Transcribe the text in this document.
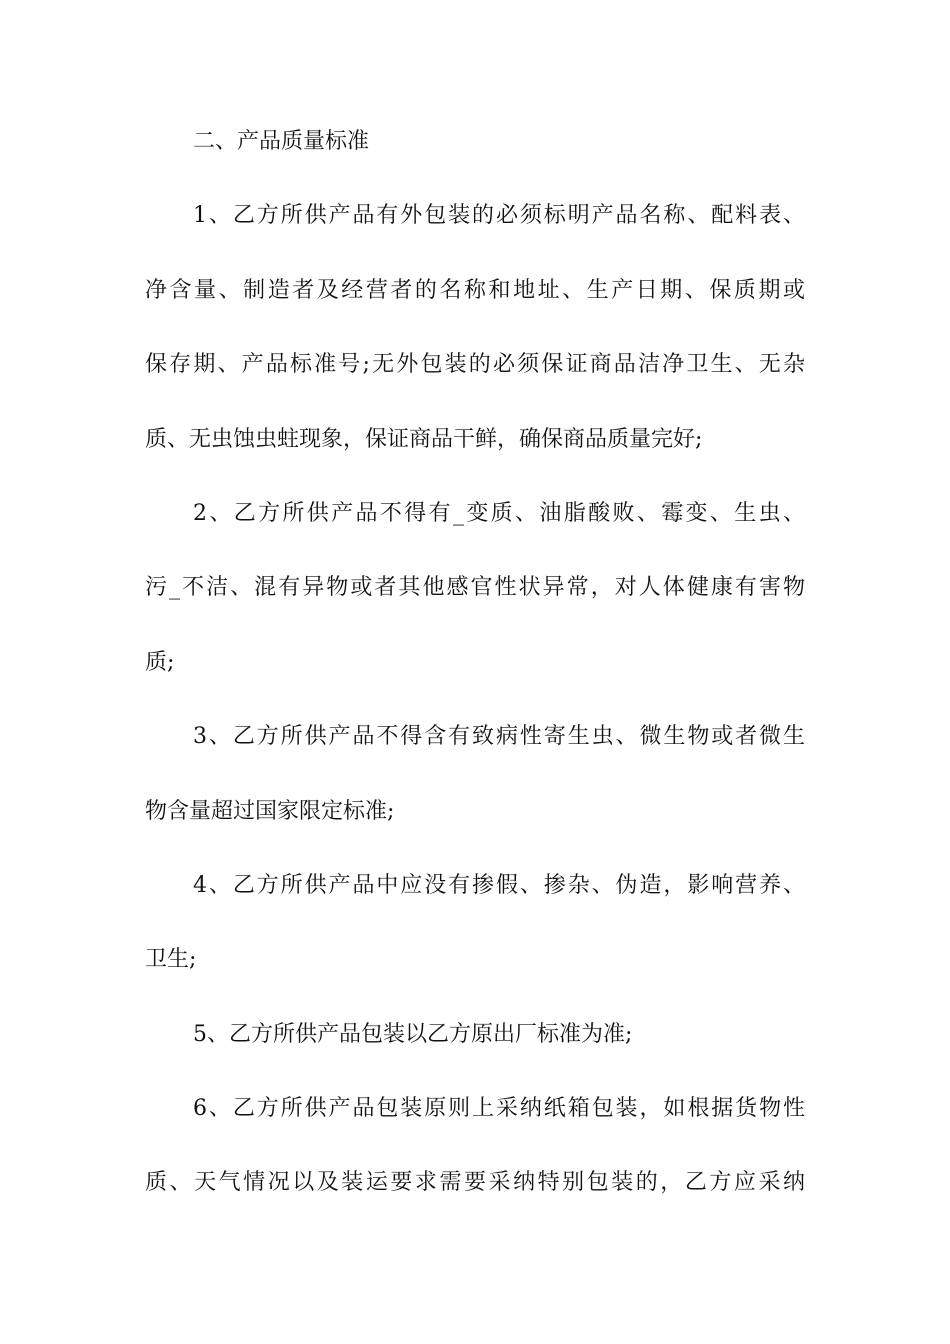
二、产品质量标准
1、乙方所供产品有外包装的必须标明产品名称、配料表、
净含量、制造者及经营者的名称和地址、生产日期、保质期或
保存期、产品标准号;无外包装的必须保证商品洁净卫生、无杂
质、无虫蚀虫蛀现象，保证商品干鲜，确保商品质量完好;
2、乙方所供产品不得有_变质、油脂酸败、霉变、生虫、
污_不洁、混有异物或者其他感官性状异常，对人体健康有害物
质;
3、乙方所供产品不得含有致病性寄生虫、微生物或者微生
物含量超过国家限定标准;
4、乙方所供产品中应没有掺假、掺杂、伪造，影响营养、
卫生;
5、乙方所供产品包装以乙方原出厂标准为准;
6、乙方所供产品包装原则上采纳纸箱包装，如根据货物性
质、天气情况以及装运要求需要采纳特别包装的，乙方应采纳
